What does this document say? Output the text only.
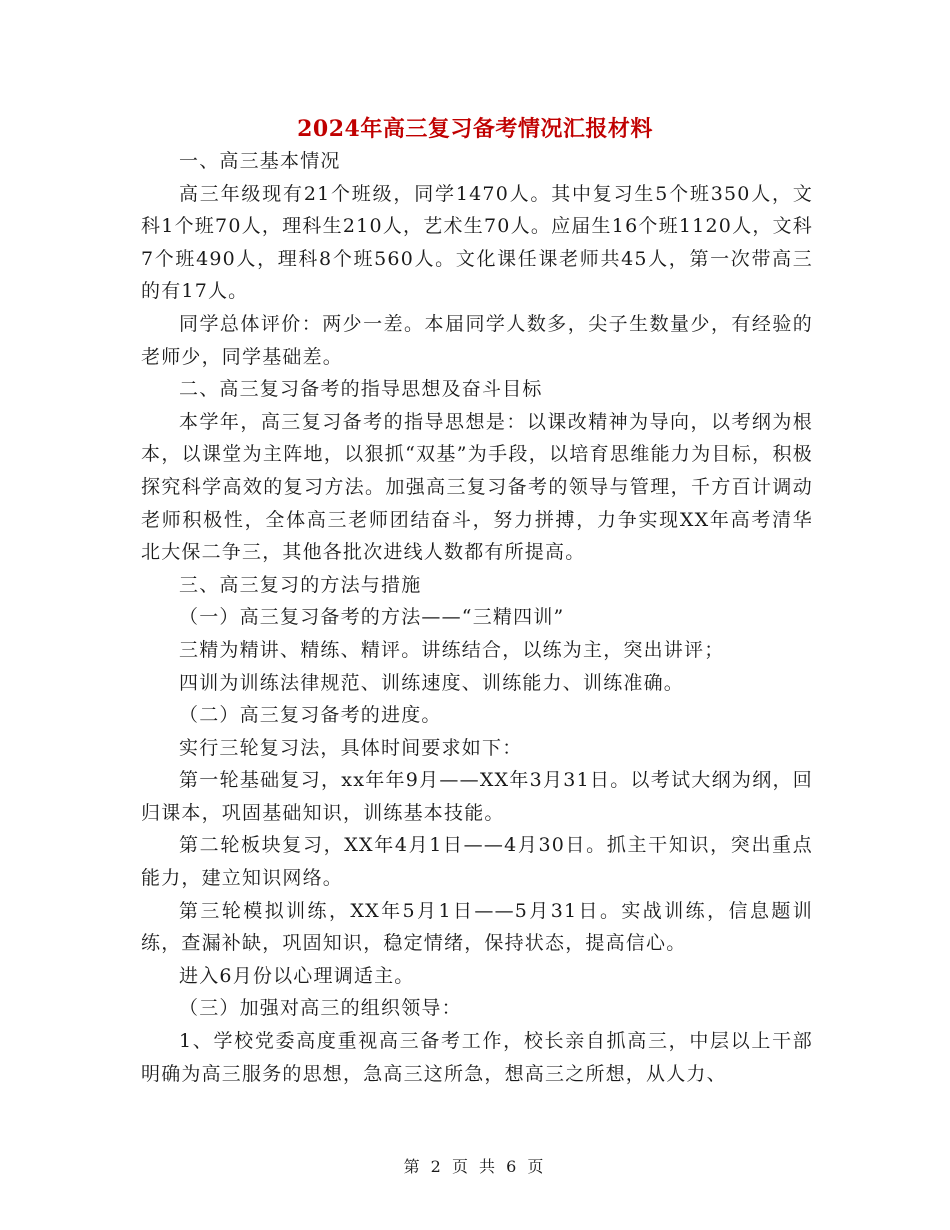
2024年高三复习备考情况汇报材料

一、高三基本情况

高三年级现有21个班级，同学1470人。其中复习生5个班350人，文科1个班70人，理科生210人，艺术生70人。应届生16个班1120人，文科7个班490人，理科8个班560人。文化课任课老师共45人，第一次带高三的有17人。

同学总体评价：两少一差。本届同学人数多，尖子生数量少，有经验的老师少，同学基础差。

二、高三复习备考的指导思想及奋斗目标

本学年，高三复习备考的指导思想是：以课改精神为导向，以考纲为根本，以课堂为主阵地，以狠抓“双基”为手段，以培育思维能力为目标，积极探究科学高效的复习方法。加强高三复习备考的领导与管理，千方百计调动老师积极性，全体高三老师团结奋斗，努力拼搏，力争实现XX年高考清华北大保二争三，其他各批次进线人数都有所提高。

三、高三复习的方法与措施

（一）高三复习备考的方法——“三精四训”

三精为精讲、精练、精评。讲练结合，以练为主，突出讲评；

四训为训练法律规范、训练速度、训练能力、训练准确。

（二）高三复习备考的进度。

实行三轮复习法，具体时间要求如下：

第一轮基础复习，xx年年9月——XX年3月31日。以考试大纲为纲，回归课本，巩固基础知识，训练基本技能。

第二轮板块复习，XX年4月1日——4月30日。抓主干知识，突出重点能力，建立知识网络。

第三轮模拟训练，XX年5月1日——5月31日。实战训练，信息题训练，查漏补缺，巩固知识，稳定情绪，保持状态，提高信心。

进入6月份以心理调适主。

（三）加强对高三的组织领导：

1、学校党委高度重视高三备考工作，校长亲自抓高三，中层以上干部明确为高三服务的思想，急高三这所急，想高三之所想，从人力、

第 2 页 共 6 页
